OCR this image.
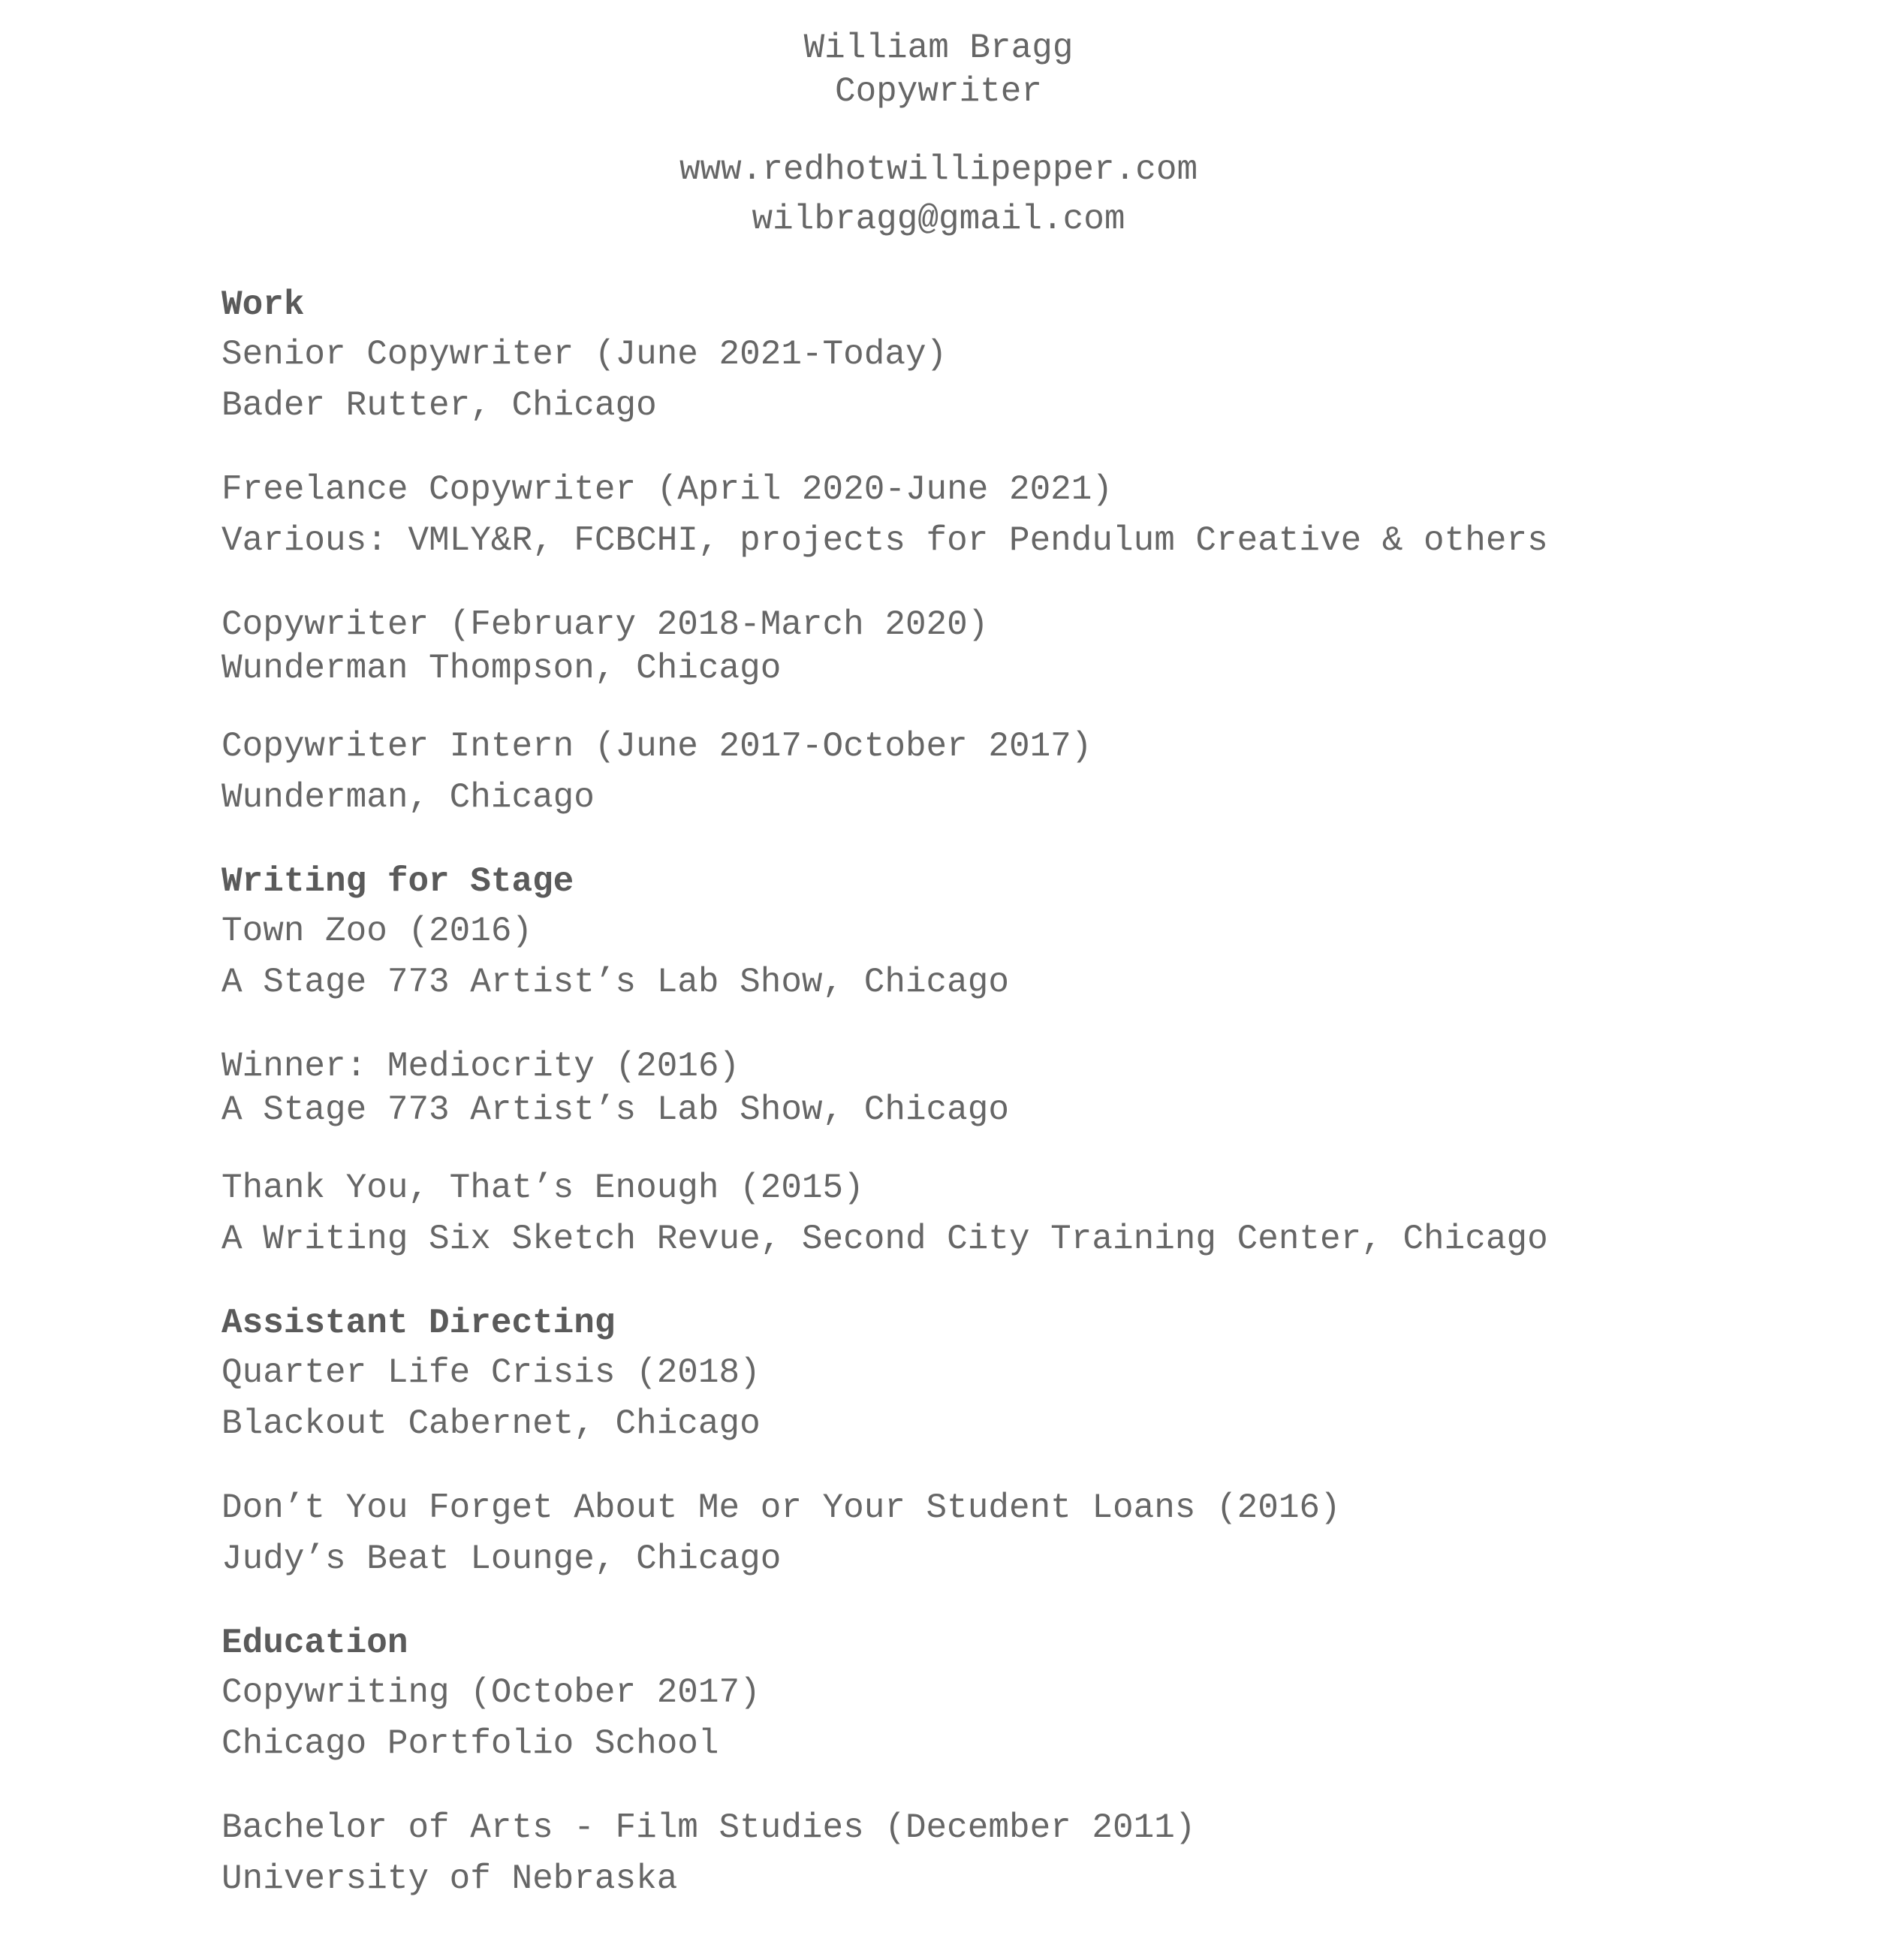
William Bragg
Copywriter
www.redhotwillipepper.com
wilbragg@gmail.com
Work
Senior Copywriter (June 2021-Today)
Bader Rutter, Chicago
Freelance Copywriter (April 2020-June 2021)
Various: VMLY&R, FCBCHI, projects for Pendulum Creative & others
Copywriter (February 2018-March 2020)
Wunderman Thompson, Chicago
Copywriter Intern (June 2017-October 2017)
Wunderman, Chicago
Writing for Stage
Town Zoo (2016)
A Stage 773 Artist’s Lab Show, Chicago
Winner: Mediocrity (2016)
A Stage 773 Artist’s Lab Show, Chicago
Thank You, That’s Enough (2015)
A Writing Six Sketch Revue, Second City Training Center, Chicago
Assistant Directing
Quarter Life Crisis (2018)
Blackout Cabernet, Chicago
Don’t You Forget About Me or Your Student Loans (2016)
Judy’s Beat Lounge, Chicago
Education
Copywriting (October 2017)
Chicago Portfolio School
Bachelor of Arts - Film Studies (December 2011)
University of Nebraska
